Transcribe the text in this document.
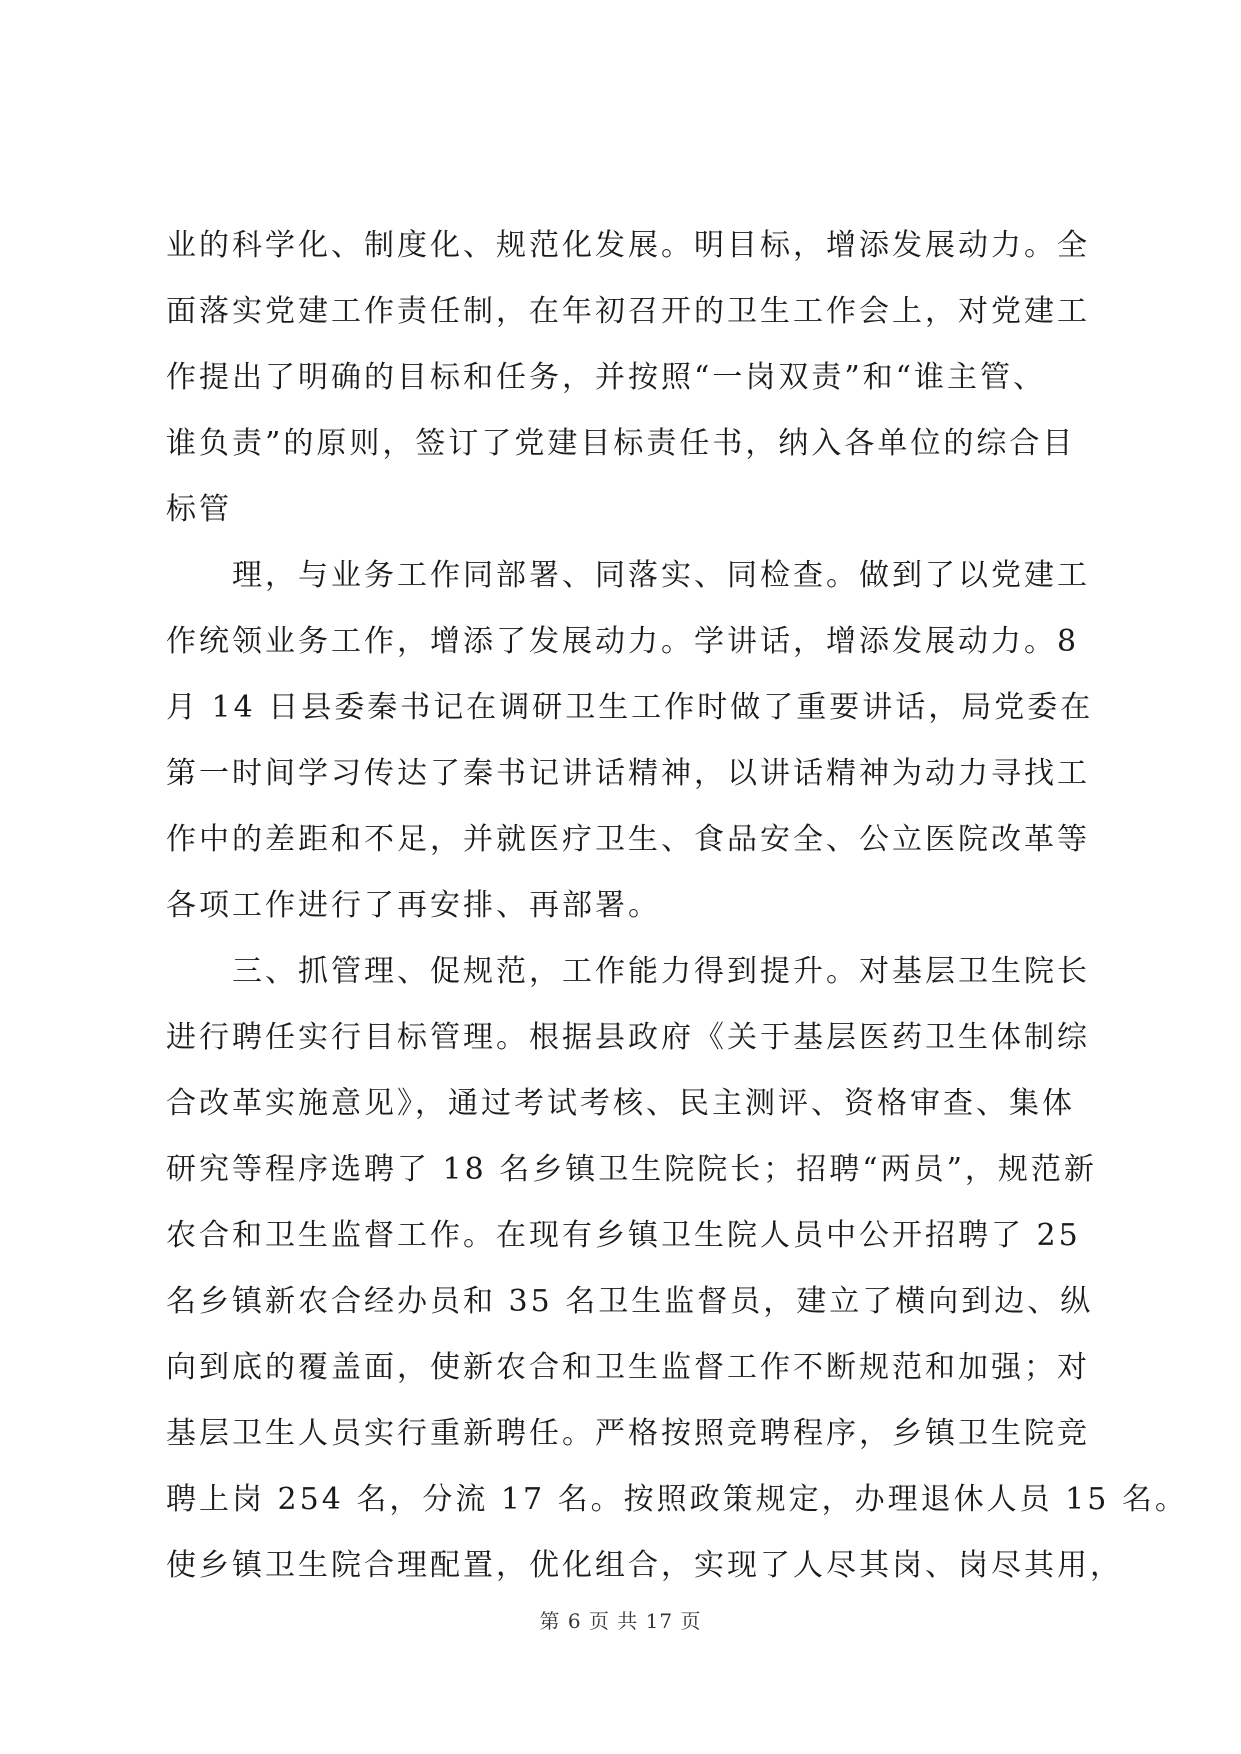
业的科学化、制度化、规范化发展。明目标，增添发展动力。全
面落实党建工作责任制，在年初召开的卫生工作会上，对党建工
作提出了明确的目标和任务，并按照“一岗双责”和“谁主管、
谁负责”的原则，签订了党建目标责任书，纳入各单位的综合目
标管
　　理，与业务工作同部署、同落实、同检查。做到了以党建工
作统领业务工作，增添了发展动力。学讲话，增添发展动力。8
月 14 日县委秦书记在调研卫生工作时做了重要讲话，局党委在
第一时间学习传达了秦书记讲话精神，以讲话精神为动力寻找工
作中的差距和不足，并就医疗卫生、食品安全、公立医院改革等
各项工作进行了再安排、再部署。
　　三、抓管理、促规范，工作能力得到提升。对基层卫生院长
进行聘任实行目标管理。根据县政府《关于基层医药卫生体制综
合改革实施意见》，通过考试考核、民主测评、资格审查、集体
研究等程序选聘了 18 名乡镇卫生院院长；招聘“两员”，规范新
农合和卫生监督工作。在现有乡镇卫生院人员中公开招聘了 25
名乡镇新农合经办员和 35 名卫生监督员，建立了横向到边、纵
向到底的覆盖面，使新农合和卫生监督工作不断规范和加强；对
基层卫生人员实行重新聘任。严格按照竞聘程序，乡镇卫生院竞
聘上岗 254 名，分流 17 名。按照政策规定，办理退休人员 15 名。
使乡镇卫生院合理配置，优化组合，实现了人尽其岗、岗尽其用，
第 6 页 共 17 页
